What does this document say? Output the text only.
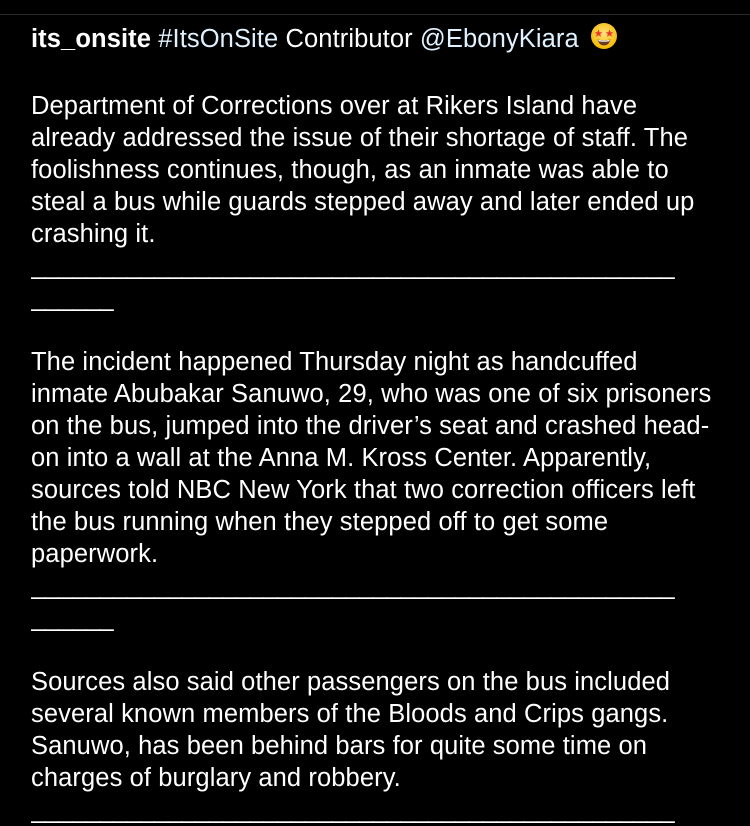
its_onsite #ItsOnSite Contributor @EbonyKiara

Department of Corrections over at Rikers Island have already addressed the issue of their shortage of staff. The foolishness continues, though, as an inmate was able to steal a bus while guards stepped away and later ended up crashing it.

_______________________________________________

______

The incident happened Thursday night as handcuffed inmate Abubakar Sanuwo, 29, who was one of six prisoners on the bus, jumped into the driver’s seat and crashed head-on into a wall at the Anna M. Kross Center. Apparently, sources told NBC New York that two correction officers left the bus running when they stepped off to get some paperwork.

_______________________________________________

______

Sources also said other passengers on the bus included several known members of the Bloods and Crips gangs. Sanuwo, has been behind bars for quite some time on charges of burglary and robbery.

_______________________________________________
